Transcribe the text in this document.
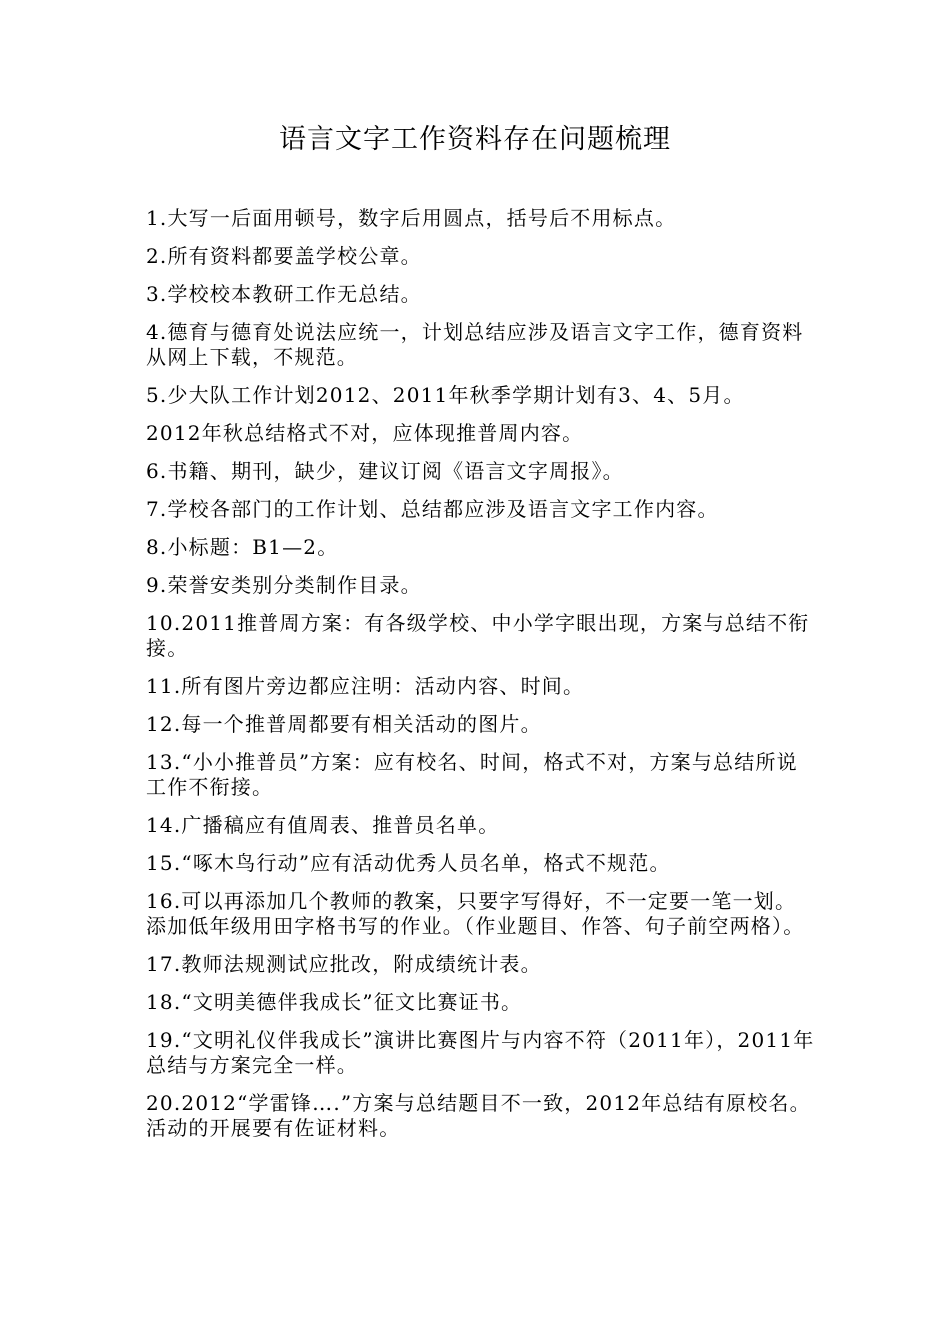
语言文字工作资料存在问题梳理
1.大写一后面用顿号，数字后用圆点，括号后不用标点。
2.所有资料都要盖学校公章。
3.学校校本教研工作无总结。
4.德育与德育处说法应统一，计划总结应涉及语言文字工作，德育资料从网上下载，不规范。
5.少大队工作计划2012、2011年秋季学期计划有3、4、5月。
2012年秋总结格式不对，应体现推普周内容。
6.书籍、期刊，缺少，建议订阅《语言文字周报》。
7.学校各部门的工作计划、总结都应涉及语言文字工作内容。
8.小标题：B1—2。
9.荣誉安类别分类制作目录。
10.2011推普周方案：有各级学校、中小学字眼出现，方案与总结不衔接。
11.所有图片旁边都应注明：活动内容、时间。
12.每一个推普周都要有相关活动的图片。
13.“小小推普员”方案：应有校名、时间，格式不对，方案与总结所说工作不衔接。
14.广播稿应有值周表、推普员名单。
15.“啄木鸟行动”应有活动优秀人员名单，格式不规范。
16.可以再添加几个教师的教案，只要字写得好，不一定要一笔一划。添加低年级用田字格书写的作业。（作业题目、作答、句子前空两格）。
17.教师法规测试应批改，附成绩统计表。
18.“文明美德伴我成长”征文比赛证书。
19.“文明礼仪伴我成长”演讲比赛图片与内容不符（2011年），2011年总结与方案完全一样。
20.2012“学雷锋….”方案与总结题目不一致，2012年总结有原校名。活动的开展要有佐证材料。
